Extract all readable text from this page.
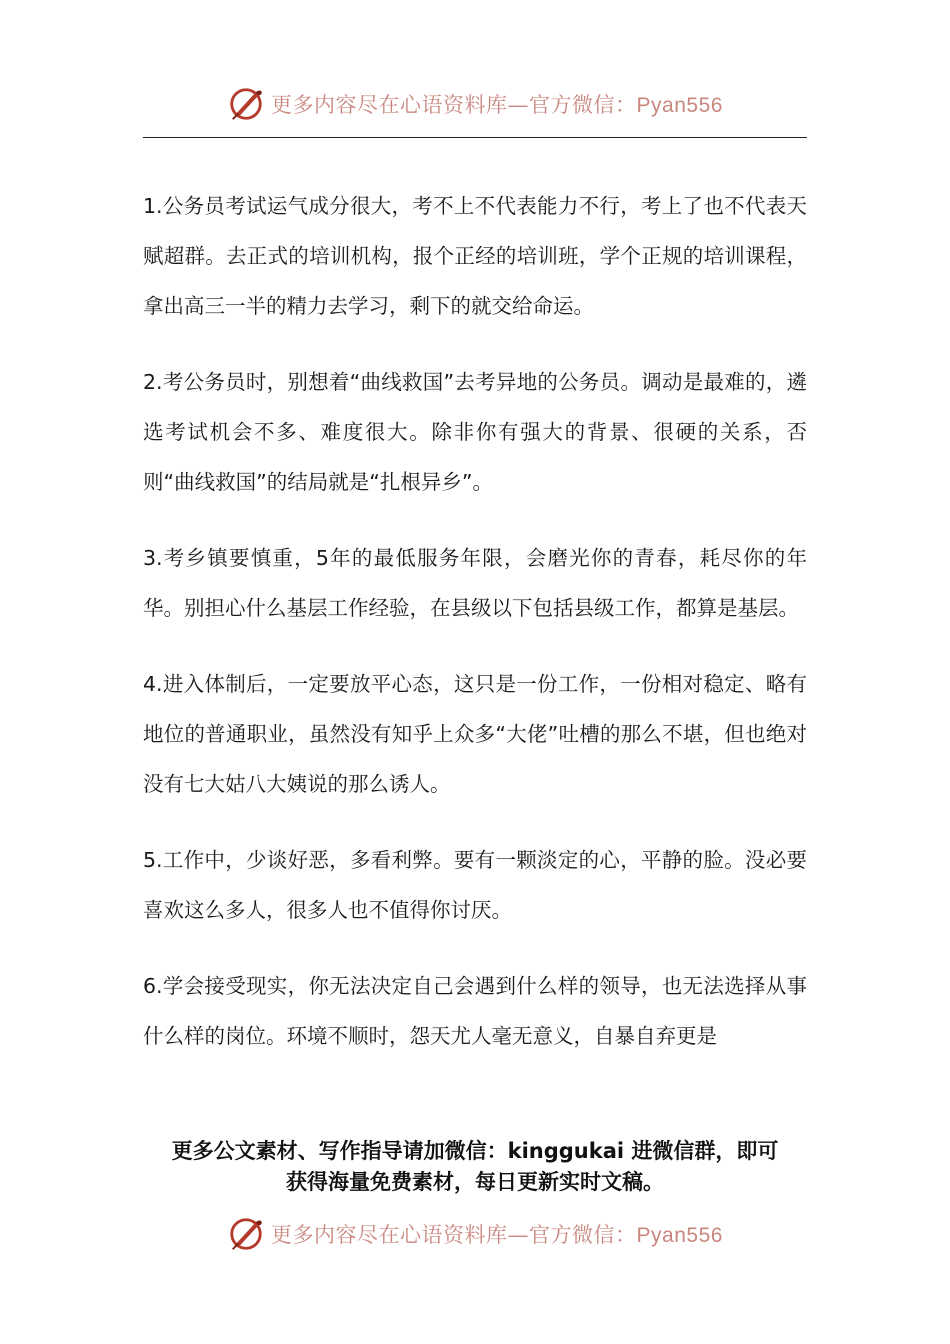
更多内容尽在心语资料库—官方微信：Pyan556

1.公务员考试运气成分很大，考不上不代表能力不行，考上了也不代表天赋超群。去正式的培训机构，报个正经的培训班，学个正规的培训课程，拿出高三一半的精力去学习，剩下的就交给命运。

2.考公务员时，别想着“曲线救国”去考异地的公务员。调动是最难的，遴选考试机会不多、难度很大。除非你有强大的背景、很硬的关系，否则“曲线救国”的结局就是“扎根异乡”。

3.考乡镇要慎重，5年的最低服务年限，会磨光你的青春，耗尽你的年华。别担心什么基层工作经验，在县级以下包括县级工作，都算是基层。

4.进入体制后，一定要放平心态，这只是一份工作，一份相对稳定、略有地位的普通职业，虽然没有知乎上众多“大佬”吐槽的那么不堪，但也绝对没有七大姑八大姨说的那么诱人。

5.工作中，少谈好恶，多看利弊。要有一颗淡定的心，平静的脸。没必要喜欢这么多人，很多人也不值得你讨厌。

6.学会接受现实，你无法决定自己会遇到什么样的领导，也无法选择从事什么样的岗位。环境不顺时，怨天尤人毫无意义，自暴自弃更是

更多公文素材、写作指导请加微信：kinggukai 进微信群，即可
获得海量免费素材，每日更新实时文稿。
更多内容尽在心语资料库—官方微信：Pyan556
